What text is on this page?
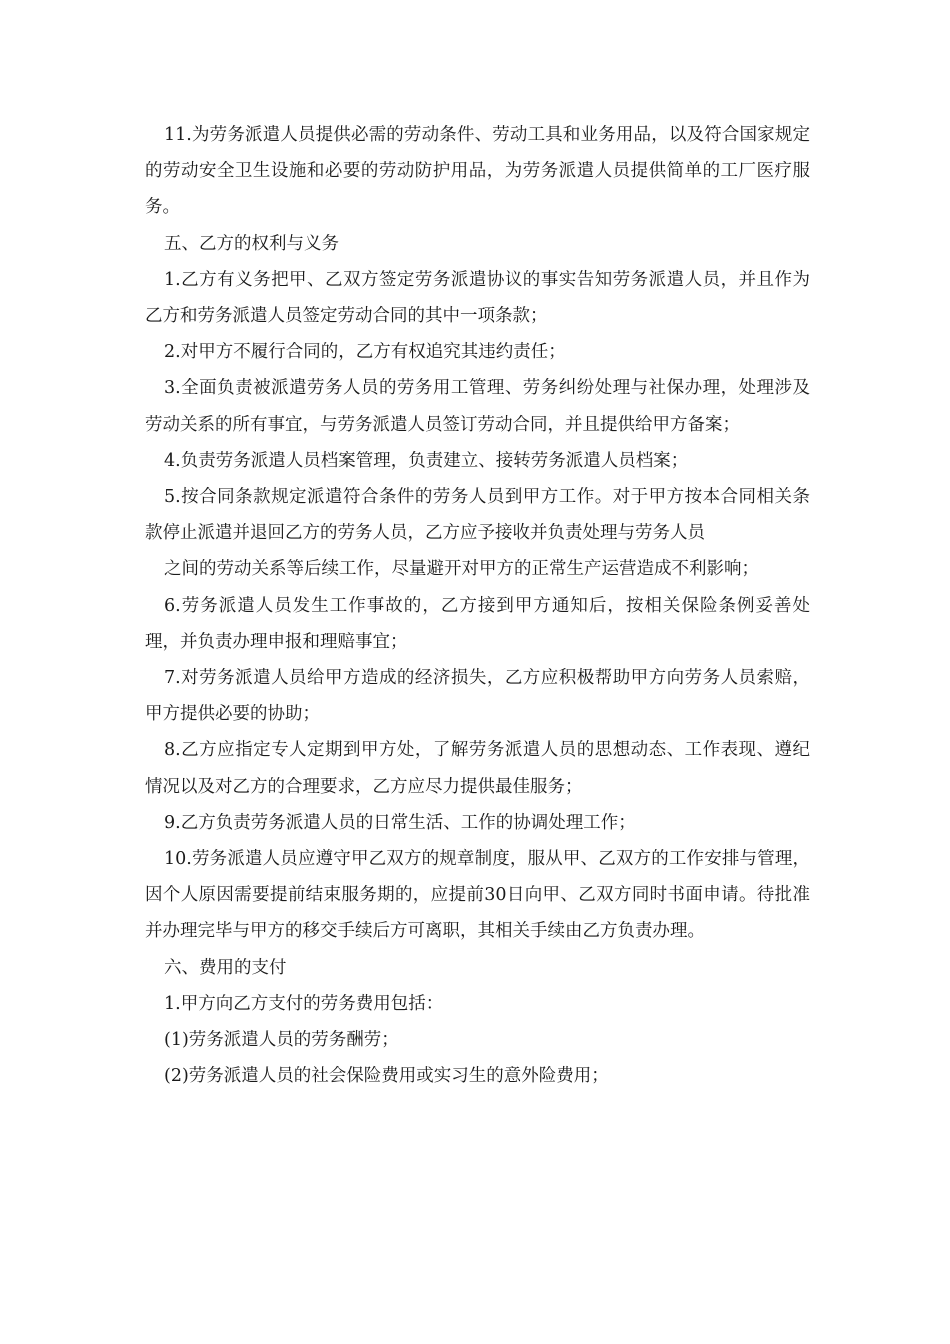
11.为劳务派遣人员提供必需的劳动条件、劳动工具和业务用品，以及符合国家规定的劳动安全卫生设施和必要的劳动防护用品，为劳务派遣人员提供简单的工厂医疗服务。

五、乙方的权利与义务

1.乙方有义务把甲、乙双方签定劳务派遣协议的事实告知劳务派遣人员，并且作为乙方和劳务派遣人员签定劳动合同的其中一项条款；

2.对甲方不履行合同的，乙方有权追究其违约责任；

3.全面负责被派遣劳务人员的劳务用工管理、劳务纠纷处理与社保办理，处理涉及劳动关系的所有事宜，与劳务派遣人员签订劳动合同，并且提供给甲方备案；

4.负责劳务派遣人员档案管理，负责建立、接转劳务派遣人员档案；

5.按合同条款规定派遣符合条件的劳务人员到甲方工作。对于甲方按本合同相关条款停止派遣并退回乙方的劳务人员，乙方应予接收并负责处理与劳务人员

之间的劳动关系等后续工作，尽量避开对甲方的正常生产运营造成不利影响；

6.劳务派遣人员发生工作事故的，乙方接到甲方通知后，按相关保险条例妥善处理，并负责办理申报和理赔事宜；

7.对劳务派遣人员给甲方造成的经济损失，乙方应积极帮助甲方向劳务人员索赔，甲方提供必要的协助；

8.乙方应指定专人定期到甲方处，了解劳务派遣人员的思想动态、工作表现、遵纪情况以及对乙方的合理要求，乙方应尽力提供最佳服务；

9.乙方负责劳务派遣人员的日常生活、工作的协调处理工作；

10.劳务派遣人员应遵守甲乙双方的规章制度，服从甲、乙双方的工作安排与管理，因个人原因需要提前结束服务期的，应提前30日向甲、乙双方同时书面申请。待批准并办理完毕与甲方的移交手续后方可离职，其相关手续由乙方负责办理。

六、费用的支付

1.甲方向乙方支付的劳务费用包括：

(1)劳务派遣人员的劳务酬劳；

(2)劳务派遣人员的社会保险费用或实习生的意外险费用；
